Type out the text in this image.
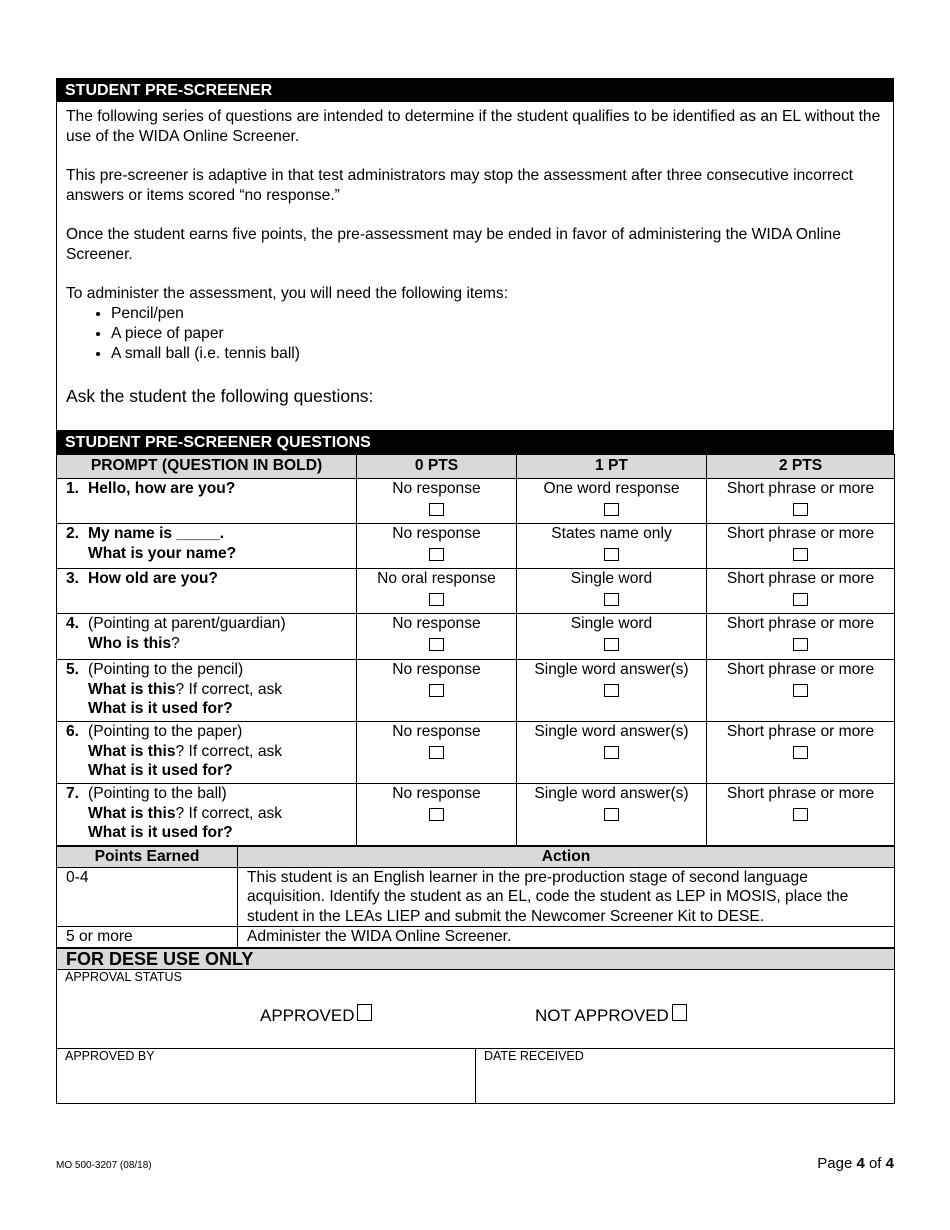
STUDENT PRE-SCREENER

The following series of questions are intended to determine if the student qualifies to be identified as an EL without the use of the WIDA Online Screener.

This pre-screener is adaptive in that test administrators may stop the assessment after three consecutive incorrect answers or items scored “no response.”

Once the student earns five points, the pre-assessment may be ended in favor of administering the WIDA Online Screener.

To administer the assessment, you will need the following items:

• Pencil/pen
• A piece of paper
• A small ball (i.e. tennis ball)
Ask the student the following questions:
STUDENT PRE-SCREENER QUESTIONS
PROMPT (QUESTION IN BOLD)	0 PTS	1 PT	2 PTS
1. Hello, how are you?	No response	One word response	Short phrase or more

2. My name is _____.
What is your name?	No response	States name only	Short phrase or more

3. How old are you?	No oral response	Single word	Short phrase or more

4. (Pointing at parent/guardian)
Who is this?	No response	Single word	Short phrase or more

5. (Pointing to the pencil)
What is this? If correct, ask
What is it used for?	No response	Single word answer(s)	Short phrase or more

6. (Pointing to the paper)
What is this? If correct, ask
What is it used for?	No response	Single word answer(s)	Short phrase or more

7. (Pointing to the ball)
What is this? If correct, ask
What is it used for?	No response	Single word answer(s)	Short phrase or more
Points Earned	Action
0-4	This student is an English learner in the pre-production stage of second language acquisition. Identify the student as an EL, code the student as LEP in MOSIS, place the student in the LEAs LIEP and submit the Newcomer Screener Kit to DESE.
5 or more	Administer the WIDA Online Screener.
FOR DESE USE ONLY

APPROVAL STATUS
APPROVED	NOT APPROVED

APPROVED BY	DATE RECEIVED
MO 500-3207 (08/18)	Page 4 of 4
